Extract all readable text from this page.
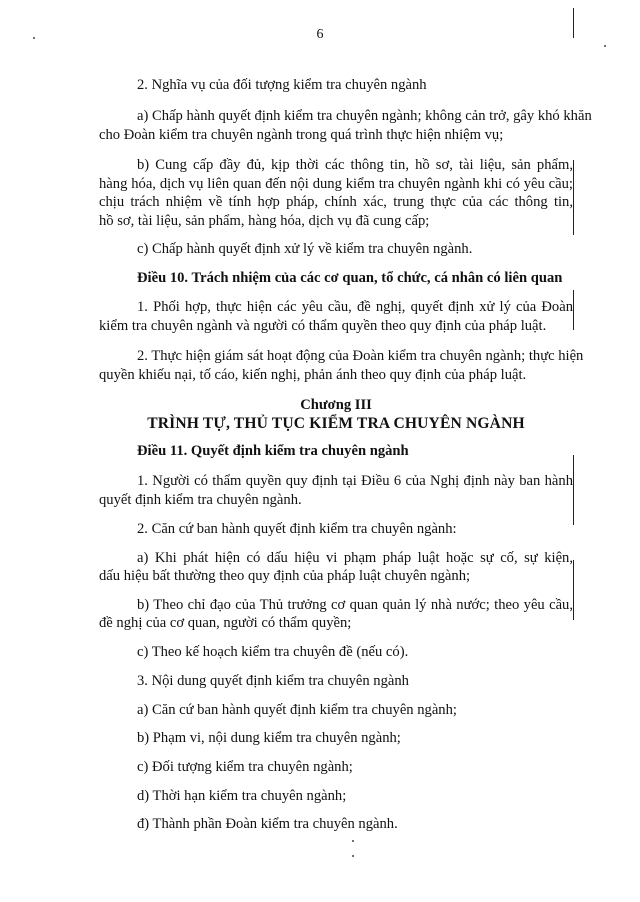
6
2. Nghĩa vụ của đối tượng kiểm tra chuyên ngành
a) Chấp hành quyết định kiểm tra chuyên ngành; không cản trở, gây khó khăn
cho Đoàn kiểm tra chuyên ngành trong quá trình thực hiện nhiệm vụ;
b) Cung cấp đầy đủ, kịp thời các thông tin, hồ sơ, tài liệu, sản phẩm,
hàng hóa, dịch vụ liên quan đến nội dung kiểm tra chuyên ngành khi có yêu cầu;
chịu trách nhiệm về tính hợp pháp, chính xác, trung thực của các thông tin,
hồ sơ, tài liệu, sản phẩm, hàng hóa, dịch vụ đã cung cấp;
c) Chấp hành quyết định xử lý về kiểm tra chuyên ngành.
Điều 10. Trách nhiệm của các cơ quan, tổ chức, cá nhân có liên quan
1. Phối hợp, thực hiện các yêu cầu, đề nghị, quyết định xử lý của Đoàn
kiểm tra chuyên ngành và người có thẩm quyền theo quy định của pháp luật.
2. Thực hiện giám sát hoạt động của Đoàn kiểm tra chuyên ngành; thực hiện
quyền khiếu nại, tố cáo, kiến nghị, phản ánh theo quy định của pháp luật.
Chương III
TRÌNH TỰ, THỦ TỤC KIỂM TRA CHUYÊN NGÀNH
Điều 11. Quyết định kiểm tra chuyên ngành
1. Người có thẩm quyền quy định tại Điều 6 của Nghị định này ban hành
quyết định kiểm tra chuyên ngành.
2. Căn cứ ban hành quyết định kiểm tra chuyên ngành:
a) Khi phát hiện có dấu hiệu vi phạm pháp luật hoặc sự cố, sự kiện,
dấu hiệu bất thường theo quy định của pháp luật chuyên ngành;
b) Theo chỉ đạo của Thủ trưởng cơ quan quản lý nhà nước; theo yêu cầu,
đề nghị của cơ quan, người có thẩm quyền;
c) Theo kế hoạch kiểm tra chuyên đề (nếu có).
3. Nội dung quyết định kiểm tra chuyên ngành
a) Căn cứ ban hành quyết định kiểm tra chuyên ngành;
b) Phạm vi, nội dung kiểm tra chuyên ngành;
c) Đối tượng kiểm tra chuyên ngành;
d) Thời hạn kiểm tra chuyên ngành;
đ) Thành phần Đoàn kiểm tra chuyên ngành.
